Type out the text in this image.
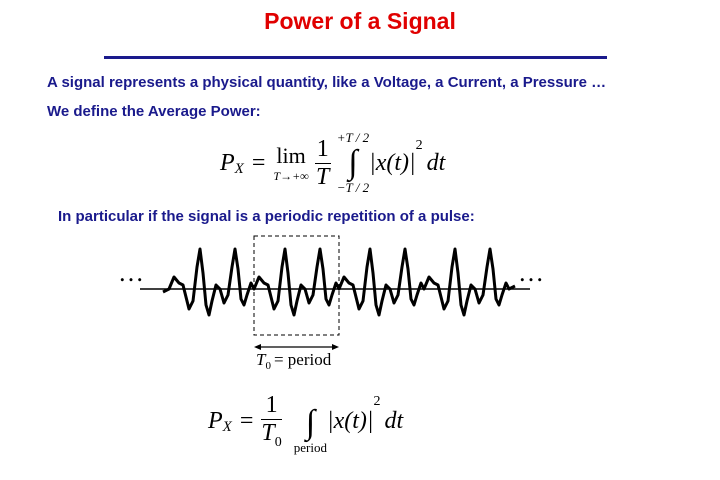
Power of a Signal
A signal represents a physical quantity, like a Voltage, a Current, a Pressure …
We define the Average Power:
P X = lim
$T\to+\infty \frac{1}{T} +T / 2$
∫
−T / 2
|x(t)|
2
dt
In particular if the signal is a periodic repetition of a pulse:
…	…
$T_0$ = period
P $X = \frac{1}{T_0}$ ∫
period
|x(t)|
2
dt
